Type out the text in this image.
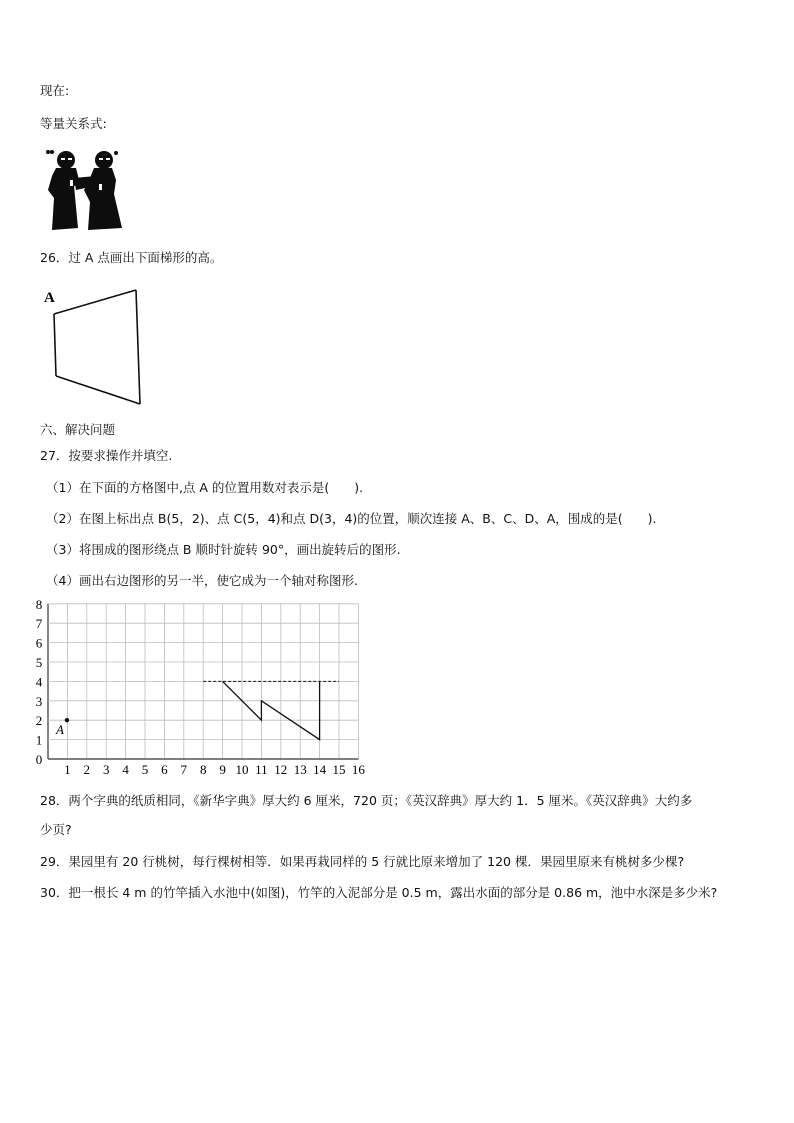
现在:
等量关系式:
26．过 A 点画出下面梯形的高。
A
六、解决问题
27．按要求操作并填空.
（1）在下面的方格图中,点 A 的位置用数对表示是(　　).
（2）在图上标出点 B(5，2)、点 C(5，4)和点 D(3，4)的位置，顺次连接 A、B、C、D、A，围成的是(　　).
（3）将围成的图形绕点 B 顺时针旋转 90°，画出旋转后的图形.
（4）画出右边图形的另一半，使它成为一个轴对称图形.
1 2 3 4 5 6 7 8 9 10 11 12 13 14 15 16
0
1
2
3
4
5
6
7
8
A
28．两个字典的纸质相同，《新华字典》厚大约 6 厘米，720 页；《英汉辞典》厚大约 1．5 厘米。《英汉辞典》大约多
少页?
29．果园里有 20 行桃树，每行棵树相等．如果再栽同样的 5 行就比原来增加了 120 棵．果园里原来有桃树多少棵?
30．把一根长 4 m 的竹竿插入水池中(如图)，竹竿的入泥部分是 0.5 m，露出水面的部分是 0.86 m，池中水深是多少米?
